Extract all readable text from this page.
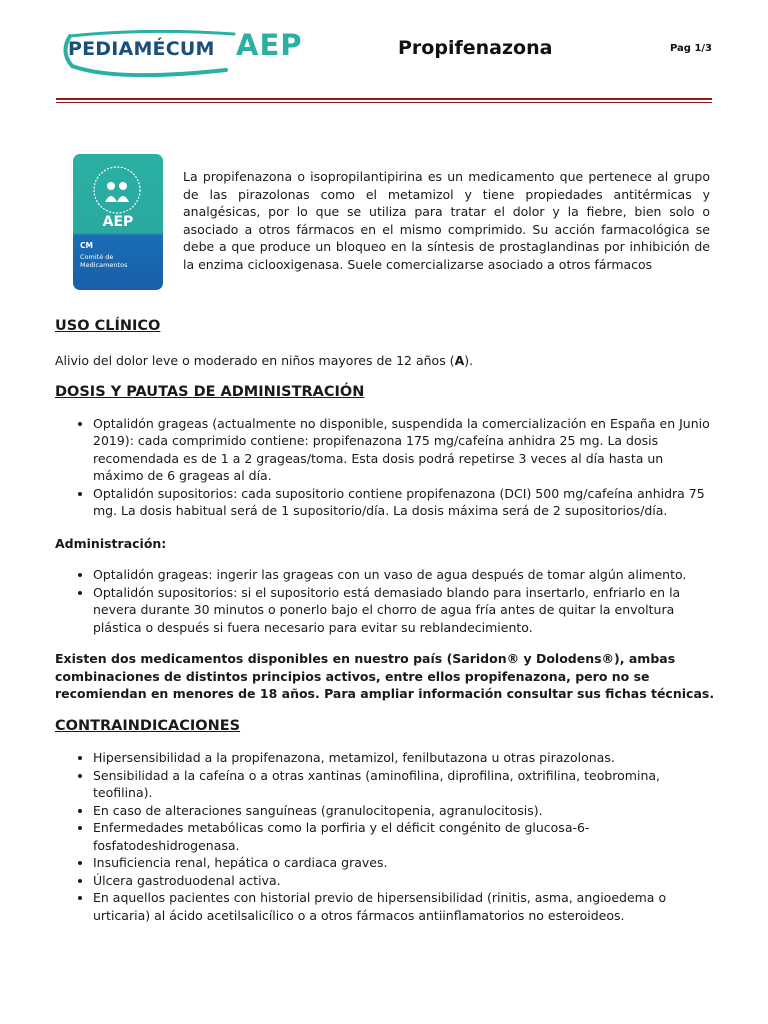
PEDIAMÉCUM AEP	Propifenazona	Pag 1/3
AEP
CM
Comité de
Medicamentos

La propifenazona o isopropilantipirina es un medicamento que pertenece al grupo de las pirazolonas como el metamizol y tiene propiedades antitérmicas y analgésicas, por lo que se utiliza para tratar el dolor y la fiebre, bien solo o asociado a otros fármacos en el mismo comprimido. Su acción farmacológica se debe a que produce un bloqueo en la síntesis de prostaglandinas por inhibición de la enzima ciclooxigenasa. Suele comercializarse asociado a otros fármacos

USO CLÍNICO

Alivio del dolor leve o moderado en niños mayores de 12 años (A).

DOSIS Y PAUTAS DE ADMINISTRACIÓN
• Optalidón grageas (actualmente no disponible, suspendida la comercialización en España en Junio 2019): cada comprimido contiene: propifenazona 175 mg/cafeína anhidra 25 mg. La dosis recomendada es de 1 a 2 grageas/toma. Esta dosis podrá repetirse 3 veces al día hasta un máximo de 6 grageas al día.
• Optalidón supositorios: cada supositorio contiene propifenazona (DCI) 500 mg/cafeína anhidra 75 mg. La dosis habitual será de 1 supositorio/día. La dosis máxima será de 2 supositorios/día.

Administración:

• Optalidón grageas: ingerir las grageas con un vaso de agua después de tomar algún alimento.
• Optalidón supositorios: si el supositorio está demasiado blando para insertarlo, enfriarlo en la nevera durante 30 minutos o ponerlo bajo el chorro de agua fría antes de quitar la envoltura plástica o después si fuera necesario para evitar su reblandecimiento.

Existen dos medicamentos disponibles en nuestro país (Saridon® y Dolodens®), ambas combinaciones de distintos principios activos, entre ellos propifenazona, pero no se recomiendan en menores de 18 años. Para ampliar información consultar sus fichas técnicas.

CONTRAINDICACIONES
• Hipersensibilidad a la propifenazona, metamizol, fenilbutazona u otras pirazolonas.
• Sensibilidad a la cafeína o a otras xantinas (aminofilina, diprofilina, oxtrifilina, teobromina, teofilina).
• En caso de alteraciones sanguíneas (granulocitopenia, agranulocitosis).
• Enfermedades metabólicas como la porfiria y el déficit congénito de glucosa-6-fosfatodeshidrogenasa.
• Insuficiencia renal, hepática o cardiaca graves.
• Úlcera gastroduodenal activa.
• En aquellos pacientes con historial previo de hipersensibilidad (rinitis, asma, angioedema o urticaria) al ácido acetilsalicílico o a otros fármacos antiinflamatorios no esteroideos.
